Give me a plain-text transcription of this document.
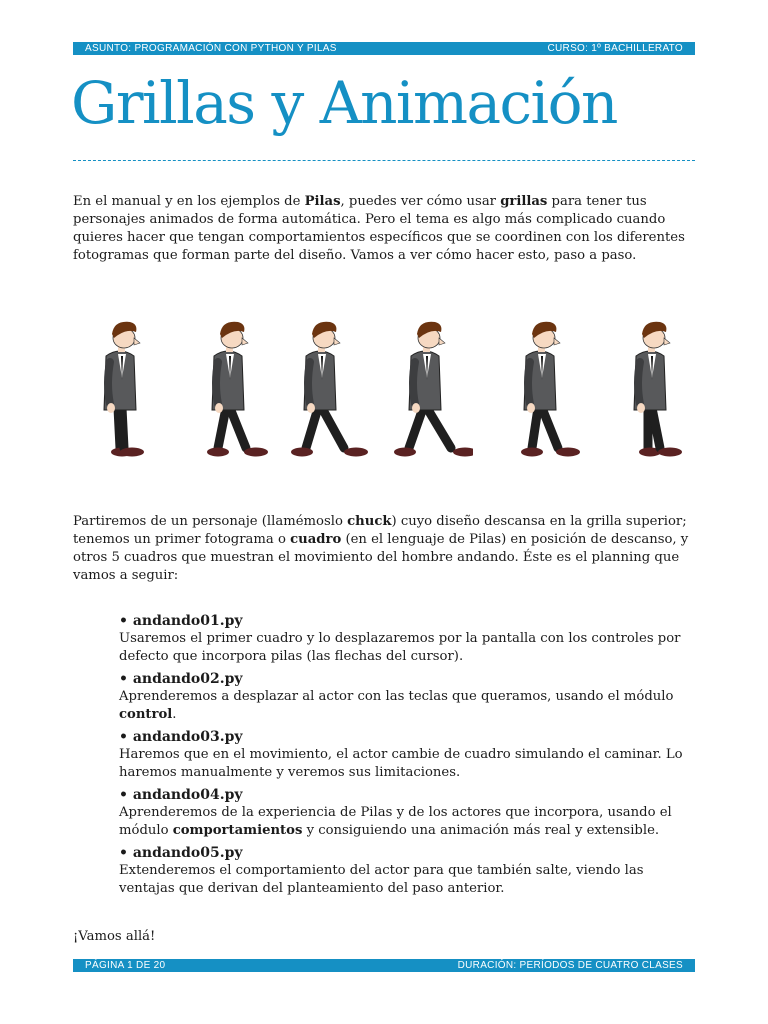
ASUNTO: PROGRAMACIÓN CON PYTHON Y PILAS	CURSO: 1º BACHILLERATO
Grillas y Animación

En el manual y en los ejemplos de Pilas, puedes ver cómo usar grillas para tener tus personajes animados de forma automática. Pero el tema es algo más complicado cuando quieres hacer que tengan comportamientos específicos que se coordinen con los diferentes fotogramas que forman parte del diseño. Vamos a ver cómo hacer esto, paso a paso.

Partiremos de un personaje (llamémoslo chuck) cuyo diseño descansa en la grilla superior; tenemos un primer fotograma o cuadro (en el lenguaje de Pilas) en posición de descanso, y otros 5 cuadros que muestran el movimiento del hombre andando. Éste es el planning que vamos a seguir:

• andando01.py
Usaremos el primer cuadro y lo desplazaremos por la pantalla con los controles por defecto que incorpora pilas (las flechas del cursor).
• andando02.py
Aprenderemos a desplazar al actor con las teclas que queramos, usando el módulo control.
• andando03.py
Haremos que en el movimiento, el actor cambie de cuadro simulando el caminar. Lo haremos manualmente y veremos sus limitaciones.
• andando04.py
Aprenderemos de la experiencia de Pilas y de los actores que incorpora, usando el módulo comportamientos y consiguiendo una animación más real y extensible.
• andando05.py
Extenderemos el comportamiento del actor para que también salte, viendo las ventajas que derivan del planteamiento del paso anterior.

¡Vamos allá!

PÁGINA 1 DE 20	DURACIÓN: PERÍODOS DE CUATRO CLASES
